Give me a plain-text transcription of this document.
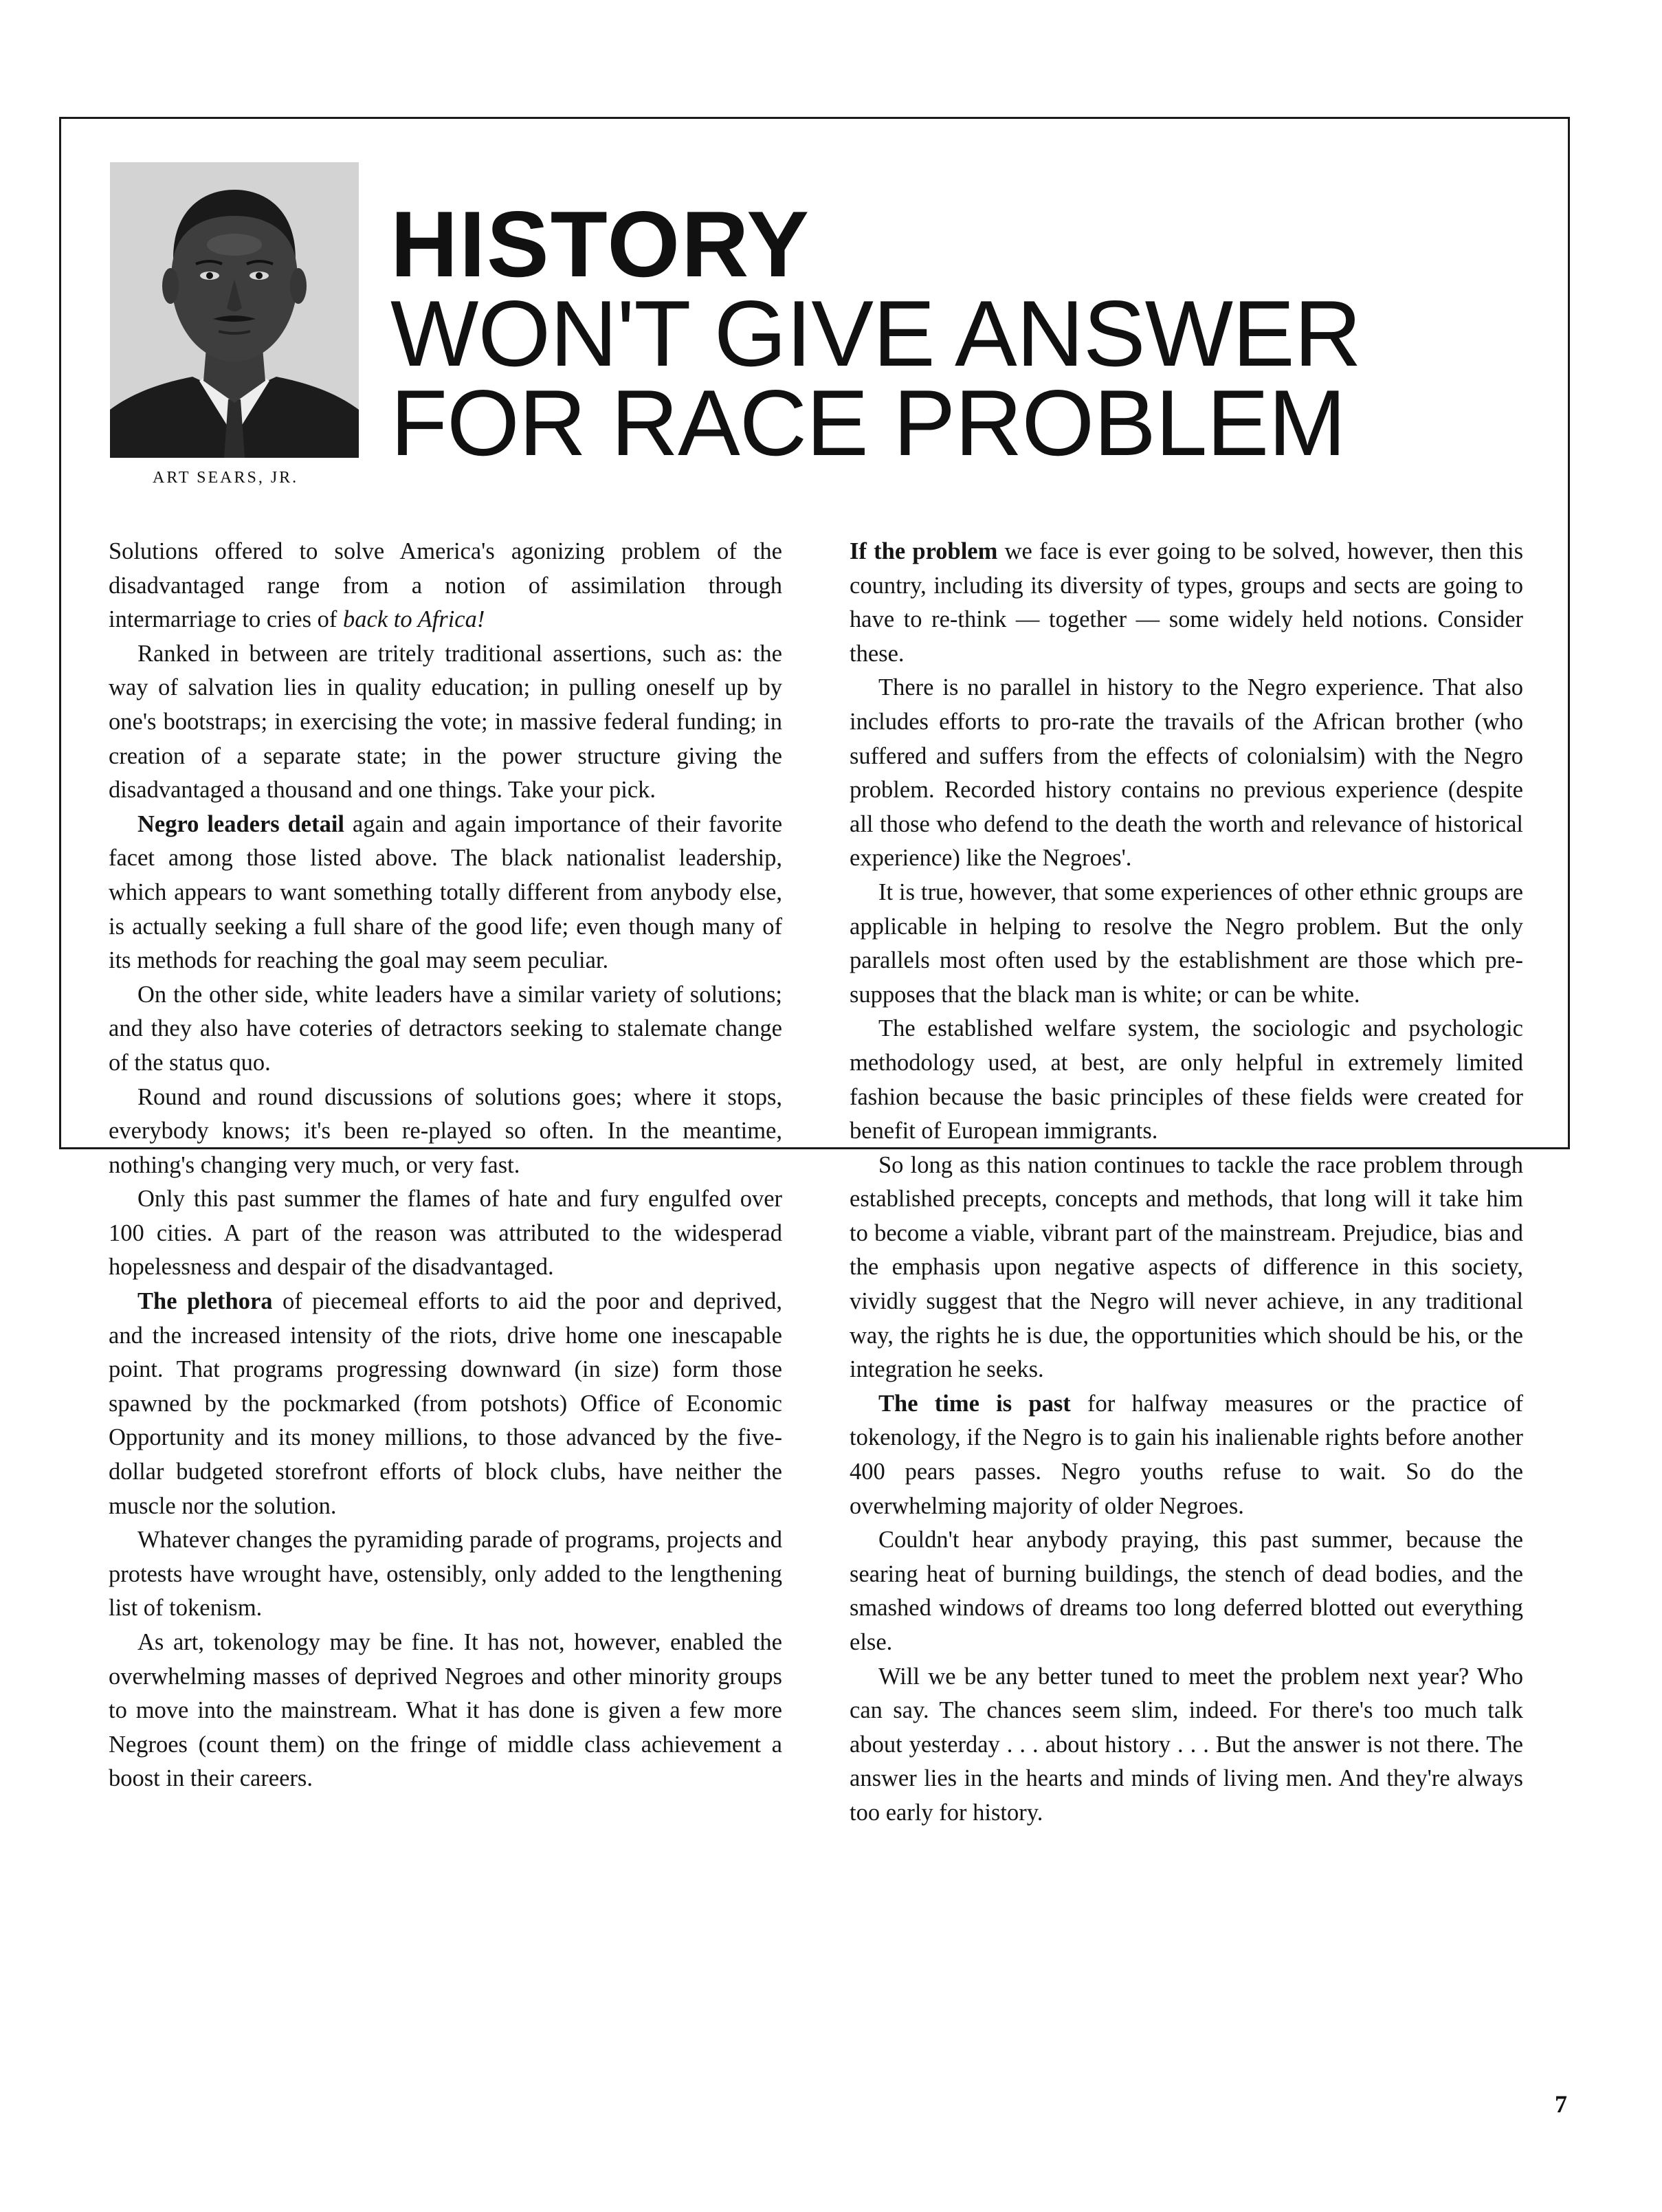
ART SEARS, JR.
HISTORY
WON'T GIVE ANSWER
FOR RACE PROBLEM

Solutions offered to solve America's agonizing problem of the disadvantaged range from a notion of assimilation through intermarriage to cries of back to Africa!

Ranked in between are tritely traditional assertions, such as: the way of salvation lies in quality education; in pulling oneself up by one's bootstraps; in exercising the vote; in massive federal funding; in creation of a separate state; in the power structure giving the disadvantaged a thousand and one things. Take your pick.

Negro leaders detail again and again importance of their favorite facet among those listed above. The black nationalist leadership, which appears to want something totally different from anybody else, is actually seeking a full share of the good life; even though many of its methods for reaching the goal may seem peculiar.

On the other side, white leaders have a similar variety of solutions; and they also have coteries of detractors seeking to stalemate change of the status quo.

Round and round discussions of solutions goes; where it stops, everybody knows; it's been re-played so often. In the meantime, nothing's changing very much, or very fast.

Only this past summer the flames of hate and fury engulfed over 100 cities. A part of the reason was attributed to the widesperad hopelessness and despair of the disadvantaged.

The plethora of piecemeal efforts to aid the poor and deprived, and the increased intensity of the riots, drive home one inescapable point. That programs progressing downward (in size) form those spawned by the pockmarked (from potshots) Office of Economic Opportunity and its money millions, to those advanced by the five-dollar budgeted storefront efforts of block clubs, have neither the muscle nor the solution.

Whatever changes the pyramiding parade of programs, projects and protests have wrought have, ostensibly, only added to the lengthening list of tokenism.

As art, tokenology may be fine. It has not, however, enabled the overwhelming masses of deprived Negroes and other minority groups to move into the mainstream. What it has done is given a few more Negroes (count them) on the fringe of middle class achievement a boost in their careers.

If the problem we face is ever going to be solved, however, then this country, including its diversity of types, groups and sects are going to have to re-think — together — some widely held notions. Consider these.

There is no parallel in history to the Negro experience. That also includes efforts to pro-rate the travails of the African brother (who suffered and suffers from the effects of colonialsim) with the Negro problem. Recorded history contains no previous experience (despite all those who defend to the death the worth and relevance of historical experience) like the Negroes'.

It is true, however, that some experiences of other ethnic groups are applicable in helping to resolve the Negro problem. But the only parallels most often used by the establishment are those which pre-supposes that the black man is white; or can be white.

The established welfare system, the sociologic and psychologic methodology used, at best, are only helpful in extremely limited fashion because the basic principles of these fields were created for benefit of European immigrants.

So long as this nation continues to tackle the race problem through established precepts, concepts and methods, that long will it take him to become a viable, vibrant part of the mainstream. Prejudice, bias and the emphasis upon negative aspects of difference in this society, vividly suggest that the Negro will never achieve, in any traditional way, the rights he is due, the opportunities which should be his, or the integration he seeks.

The time is past for halfway measures or the practice of tokenology, if the Negro is to gain his inalienable rights before another 400 pears passes. Negro youths refuse to wait. So do the overwhelming majority of older Negroes.

Couldn't hear anybody praying, this past summer, because the searing heat of burning buildings, the stench of dead bodies, and the smashed windows of dreams too long deferred blotted out everything else.

Will we be any better tuned to meet the problem next year? Who can say. The chances seem slim, indeed. For there's too much talk about yesterday . . . about history . . . But the answer is not there. The answer lies in the hearts and minds of living men. And they're always too early for history.

7
